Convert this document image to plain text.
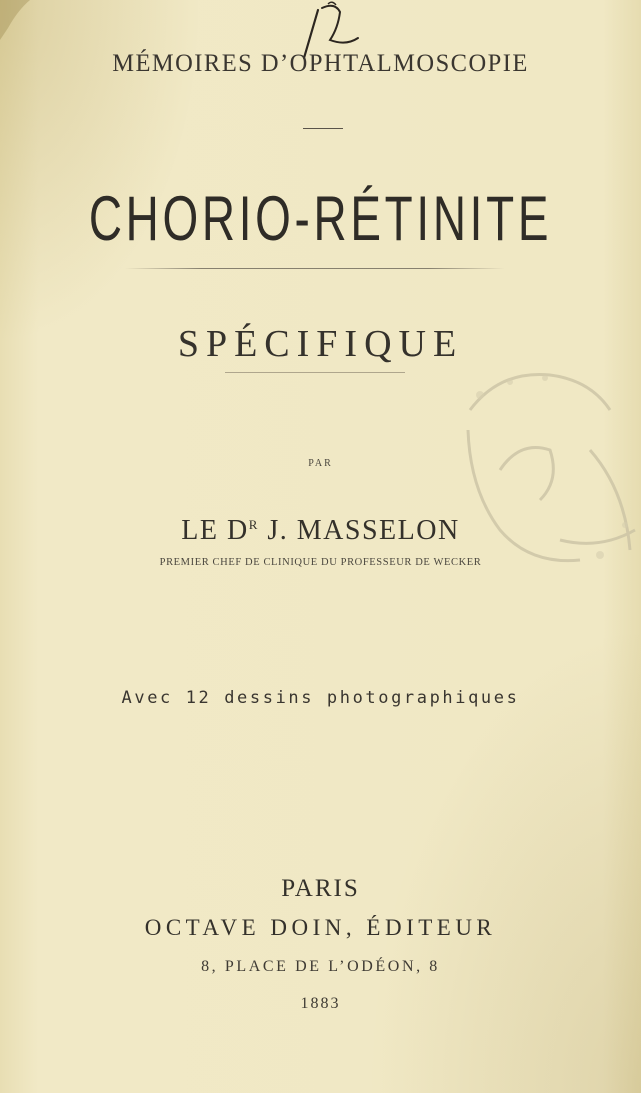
MÉMOIRES D’OPHTALMOSCOPIE
CHORIO-RÉTINITE
SPÉCIFIQUE
PAR
LE $D^R$ J. MASSELON
PREMIER CHEF DE CLINIQUE DU PROFESSEUR DE WECKER
Avec 12 dessins photographiques
PARIS
OCTAVE DOIN, ÉDITEUR
8, PLACE DE L’ODÉON, 8
1883
